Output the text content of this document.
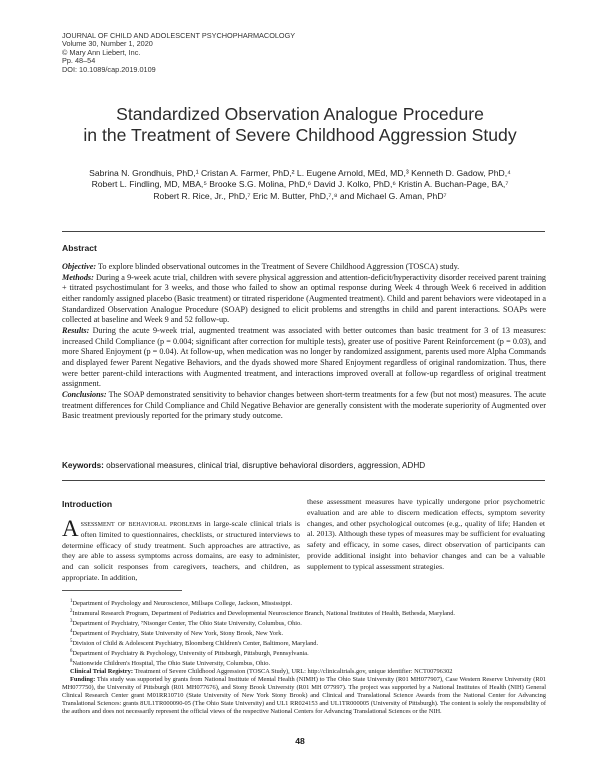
JOURNAL OF CHILD AND ADOLESCENT PSYCHOPHARMACOLOGY
Volume 30, Number 1, 2020
© Mary Ann Liebert, Inc.
Pp. 48–54
DOI: 10.1089/cap.2019.0109
Standardized Observation Analogue Procedure
in the Treatment of Severe Childhood Aggression Study
Sabrina N. Grondhuis, PhD,¹ Cristan A. Farmer, PhD,² L. Eugene Arnold, MEd, MD,³ Kenneth D. Gadow, PhD,⁴
Robert L. Findling, MD, MBA,⁵ Brooke S.G. Molina, PhD,⁶ David J. Kolko, PhD,⁶ Kristin A. Buchan-Page, BA,⁷
Robert R. Rice, Jr., PhD,⁷ Eric M. Butter, PhD,⁷,⁸ and Michael G. Aman, PhD⁷
Abstract

Objective: To explore blinded observational outcomes in the Treatment of Severe Childhood Aggression (TOSCA) study.

Methods: During a 9-week acute trial, children with severe physical aggression and attention-deficit/hyperactivity disorder received parent training + titrated psychostimulant for 3 weeks, and those who failed to show an optimal response during Week 4 through Week 6 received in addition either randomly assigned placebo (Basic treatment) or titrated risperidone (Augmented treatment). Child and parent behaviors were videotaped in a Standardized Observation Analogue Procedure (SOAP) designed to elicit problems and strengths in child and parent interactions. SOAPs were collected at baseline and Week 9 and 52 follow-up.

Results: During the acute 9-week trial, augmented treatment was associated with better outcomes than basic treatment for 3 of 13 measures: increased Child Compliance (p = 0.004; significant after correction for multiple tests), greater use of positive Parent Reinforcement (p = 0.03), and more Shared Enjoyment (p = 0.04). At follow-up, when medication was no longer by randomized assignment, parents used more Alpha Commands and displayed fewer Parent Negative Behaviors, and the dyads showed more Shared Enjoyment regardless of original randomization. Thus, there were better parent-child interactions with Augmented treatment, and interactions improved overall at follow-up regardless of original treatment assignment.

Conclusions: The SOAP demonstrated sensitivity to behavior changes between short-term treatments for a few (but not most) measures. The acute treatment differences for Child Compliance and Child Negative Behavior are generally consistent with the moderate superiority of Augmented over Basic treatment previously reported for the primary study outcome.

Keywords: observational measures, clinical trial, disruptive behavioral disorders, aggression, ADHD
Introduction

Assessment of behavioral problems in large-scale clinical trials is often limited to questionnaires, checklists, or structured interviews to determine efficacy of study treatment. Such approaches are attractive, as they are able to assess symptoms across domains, are easy to administer, and can solicit responses from caregivers, teachers, and children, as appropriate. In addition,

these assessment measures have typically undergone prior psychometric evaluation and are able to discern medication effects, symptom severity changes, and other psychological outcomes (e.g., quality of life; Handen et al. 2013). Although these types of measures may be sufficient for evaluating safety and efficacy, in some cases, direct observation of participants can provide additional insight into behavior changes and can be a valuable supplement to typical assessment strategies.

$^1$Department of Psychology and Neuroscience, Millsaps College, Jackson, Mississippi.
$^2$Intramural Research Program, Department of Pediatrics and Developmental Neuroscience Branch, National Institutes of Health, Bethesda, Maryland.
$^3$Department of Psychiatry, ⁷Nisonger Center, The Ohio State University, Columbus, Ohio.
$^4$Department of Psychiatry, State University of New York, Stony Brook, New York.
$^5$Division of Child & Adolescent Psychiatry, Bloomberg Children's Center, Baltimore, Maryland.
$^6$Department of Psychiatry & Psychology, University of Pittsburgh, Pittsburgh, Pennsylvania.
$^8$Nationwide Children's Hospital, The Ohio State University, Columbus, Ohio.
Clinical Trial Registry: Treatment of Severe Childhood Aggression (TOSCA Study), URL: http://clinicaltrials.gov, unique identifier: NCT00796302
Funding: This study was supported by grants from National Institute of Mental Health (NIMH) to The Ohio State University (R01 MH077907), Case Western Reserve University (R01 MH077750), the University of Pittsburgh (R01 MH077676), and Stony Brook University (R01 MH 077997). The project was supported by a National Institutes of Health (NIH) General Clinical Research Center grant M01RR10710 (State University of New York Stony Brook) and Clinical and Translational Science Awards from the National Center for Advancing Translational Sciences: grants 8UL1TR000090-05 (The Ohio State University) and UL1 RR024153 and UL1TR000005 (University of Pittsburgh). The content is solely the responsibility of the authors and does not necessarily represent the official views of the respective National Centers for Advancing Translational Sciences or the NIH.
48
